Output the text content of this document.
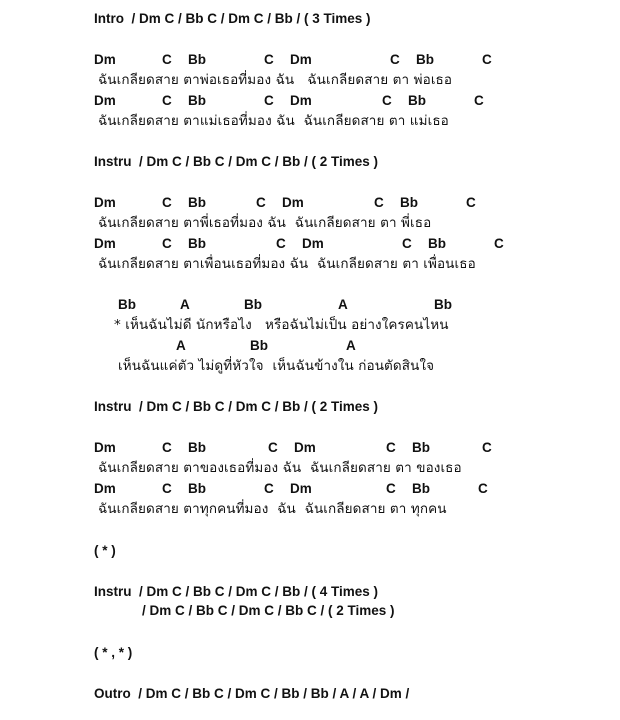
Intro  / Dm C / Bb C / Dm C / Bb / ( 3 Times )

Dm

	C

Bb

	C

Dm

	C

Bb

	C

ฉันเกลียดสาย ตาพ่อเธอที่มอง ฉัน   ฉันเกลียดสาย ตา พ่อเธอ

Dm

	C

Bb

	C

Dm

	C

Bb

	C

ฉันเกลียดสาย ตาแม่เธอที่มอง ฉัน  ฉันเกลียดสาย ตา แม่เธอ
Instru  / Dm C / Bb C / Dm C / Bb / ( 2 Times )

Dm

	C

Bb

	C

Dm

	C

Bb

	C

ฉันเกลียดสาย ตาพี่เธอที่มอง ฉัน  ฉันเกลียดสาย ตา พี่เธอ

Dm

	C

Bb

	C

Dm

	C

Bb

	C

ฉันเกลียดสาย ตาเพื่อนเธอที่มอง ฉัน  ฉันเกลียดสาย ตา เพื่อนเธอ

Bb

	A

	Bb

	A

	Bb

* เห็นฉันไม่ดี นักหรือไง   หรือฉันไม่เป็น อย่างใครคนไหน

A

	Bb

	A

เห็นฉันแค่ตัว ไม่ดูที่หัวใจ  เห็นฉันข้างใน ก่อนตัดสินใจ
Instru  / Dm C / Bb C / Dm C / Bb / ( 2 Times )

Dm

	C

Bb

	C

Dm

	C

Bb

	C

ฉันเกลียดสาย ตาของเธอที่มอง ฉัน  ฉันเกลียดสาย ตา ของเธอ

Dm

	C

Bb

	C

Dm

	C

Bb

	C

ฉันเกลียดสาย ตาทุกคนที่มอง  ฉัน  ฉันเกลียดสาย ตา ทุกคน
( * )
Instru  / Dm C / Bb C / Dm C / Bb / ( 4 Times )
/ Dm C / Bb C / Dm C / Bb C / ( 2 Times )
( * , * )
Outro  / Dm C / Bb C / Dm C / Bb / Bb / A / A / Dm /
